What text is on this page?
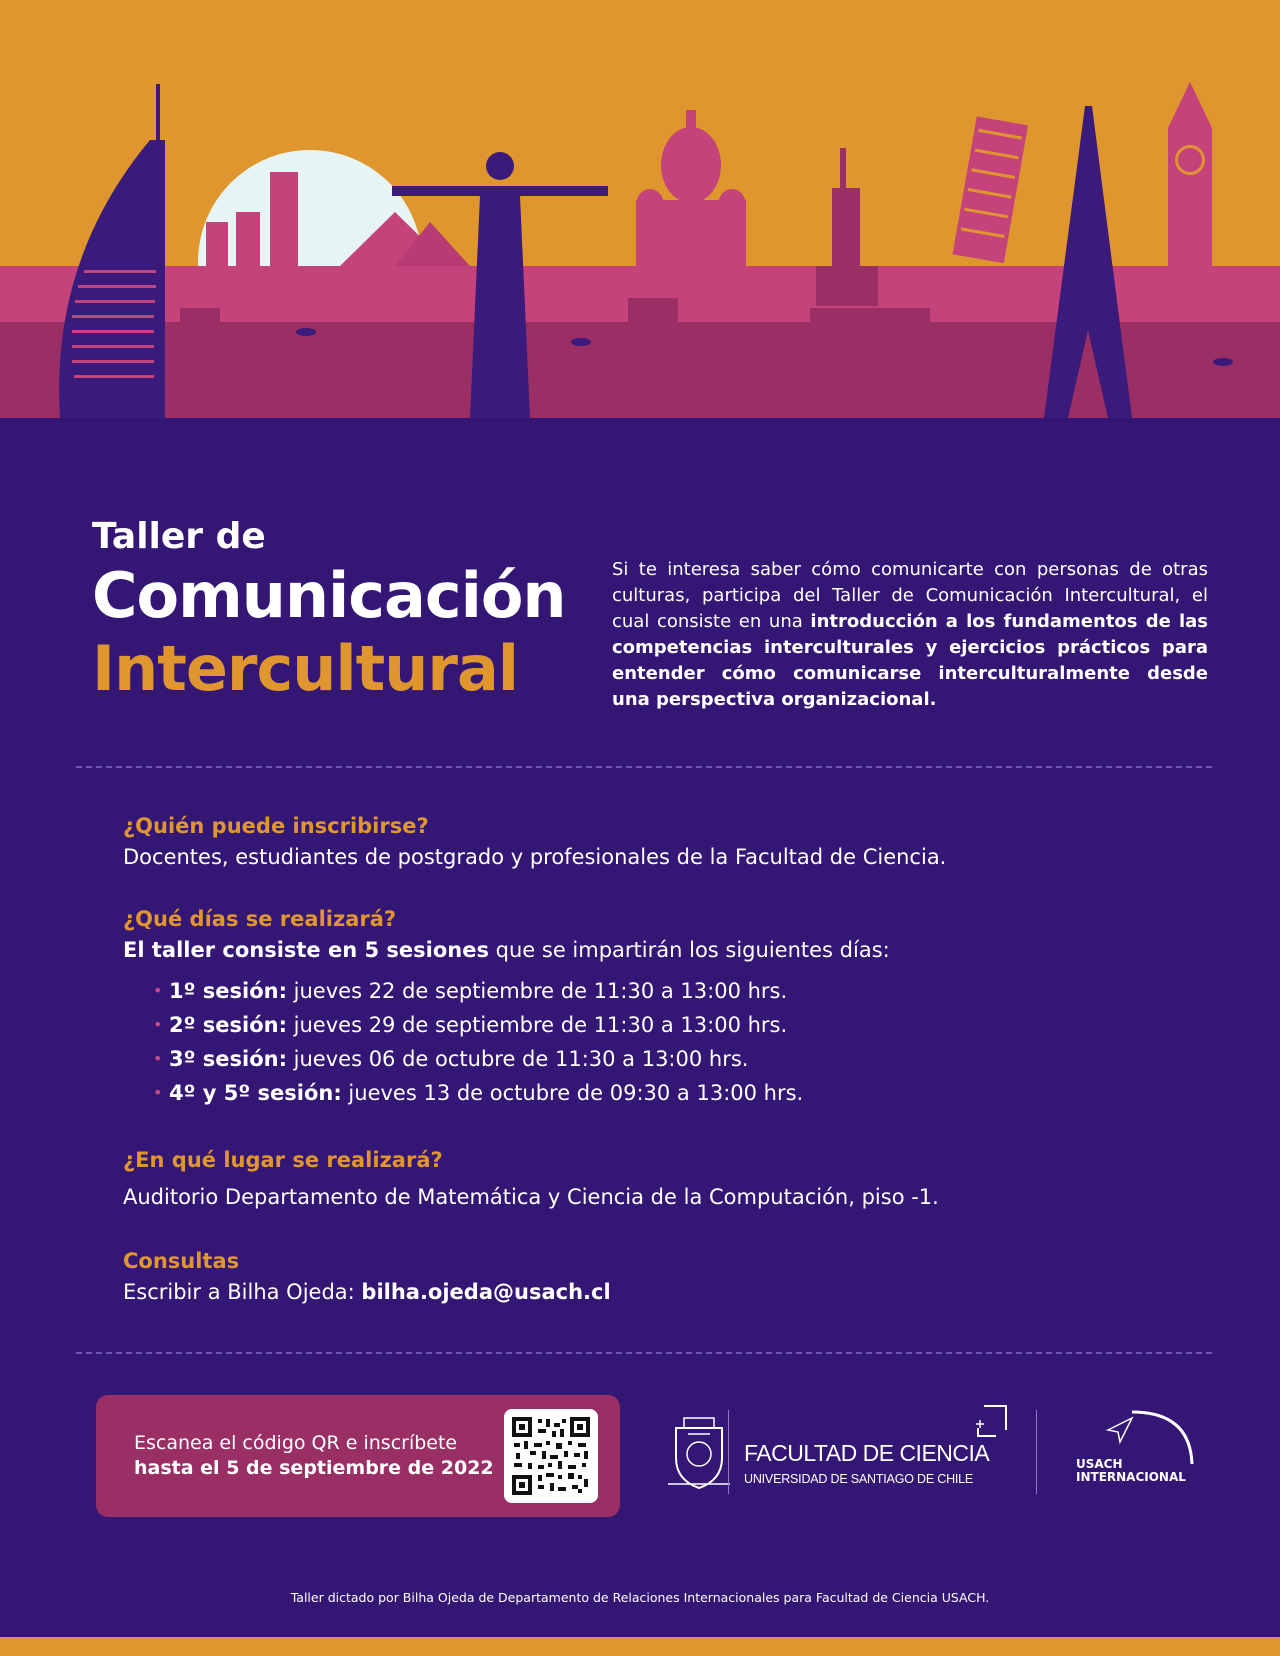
Taller de
Comunicación
Intercultural

Si te interesa saber cómo comunicarte con personas de otras culturas, participa del Taller de Comunicación Intercultural, el cual consiste en una introducción a los fundamentos de las competencias interculturales y ejercicios prácticos para entender cómo comunicarse interculturalmente desde una perspectiva organizacional.

¿Quién puede inscribirse?
Docentes, estudiantes de postgrado y profesionales de la Facultad de Ciencia.
¿Qué días se realizará?
El taller consiste en 5 sesiones que se impartirán los siguientes días:
• 1º sesión: jueves 22 de septiembre de 11:30 a 13:00 hrs.
• 2º sesión: jueves 29 de septiembre de 11:30 a 13:00 hrs.
• 3º sesión: jueves 06 de octubre de 11:30 a 13:00 hrs.
• 4º y 5º sesión: jueves 13 de octubre de 09:30 a 13:00 hrs.
¿En qué lugar se realizará?
Auditorio Departamento de Matemática y Ciencia de la Computación, piso -1.
Consultas
Escribir a Bilha Ojeda: bilha.ojeda@usach.cl
Escanea el código QR e inscríbete
hasta el 5 de septiembre de 2022
FACULTAD DE CIENCIA
UNIVERSIDAD DE SANTIAGO DE CHILE
USACH
INTERNACIONAL
Taller dictado por Bilha Ojeda de Departamento de Relaciones Internacionales para Facultad de Ciencia USACH.
